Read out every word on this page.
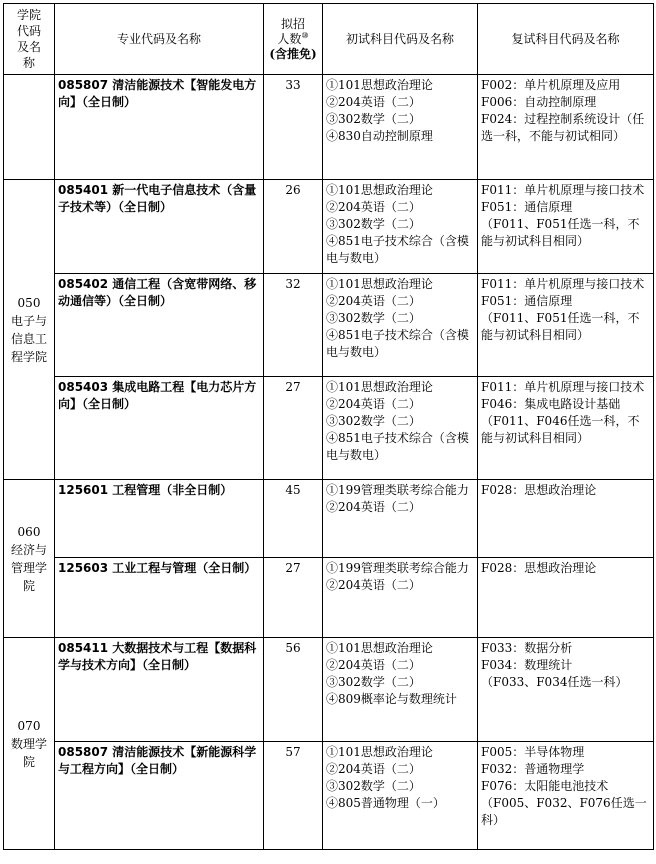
学院
代码
及名
称	专业代码及名称	拟招
人数⑩
(含推免)	初试科目代码及名称	复试科目代码及名称
	085807 清洁能源技术【智能发电方向】（全日制）	33	①101思想政治理论
②204英语（二）
③302数学（二）
④830自动控制原理	F002：单片机原理及应用
F006：自动控制原理
F024：过程控制系统设计（任选一科，不能与初试相同）

050
电子与
信息工
程学院	085401 新一代电子信息技术（含量子技术等）（全日制）	26	①101思想政治理论
②204英语（二）
③302数学（二）
④851电子技术综合（含模电与数电）	F011：单片机原理与接口技术
F051：通信原理
（F011、F051任选一科，不能与初试科目相同）

	085402 通信工程（含宽带网络、移动通信等）（全日制）	32	①101思想政治理论
②204英语（二）
③302数学（二）
④851电子技术综合（含模电与数电）	F011：单片机原理与接口技术
F051：通信原理
（F011、F051任选一科，不能与初试科目相同）

	085403 集成电路工程【电力芯片方向】（全日制）	27	①101思想政治理论
②204英语（二）
③302数学（二）
④851电子技术综合（含模电与数电）	F011：单片机原理与接口技术
F046：集成电路设计基础
（F011、F046任选一科，不能与初试科目相同）

060
经济与
管理学
院	125601 工程管理（非全日制）	45	①199管理类联考综合能力
②204英语（二）	F028：思想政治理论

	125603 工业工程与管理（全日制）	27	①199管理类联考综合能力
②204英语（二）	F028：思想政治理论

070
数理学
院	085411 大数据技术与工程【数据科学与技术方向】（全日制）	56	①101思想政治理论
②204英语（二）
③302数学（二）
④809概率论与数理统计	F033：数据分析
F034：数理统计
（F033、F034任选一科）

	085807 清洁能源技术【新能源科学与工程方向】（全日制）	57	①101思想政治理论
②204英语（二）
③302数学（二）
④805普通物理（一）	F005：半导体物理
F032：普通物理学
F076：太阳能电池技术
（F005、F032、F076任选一科）
